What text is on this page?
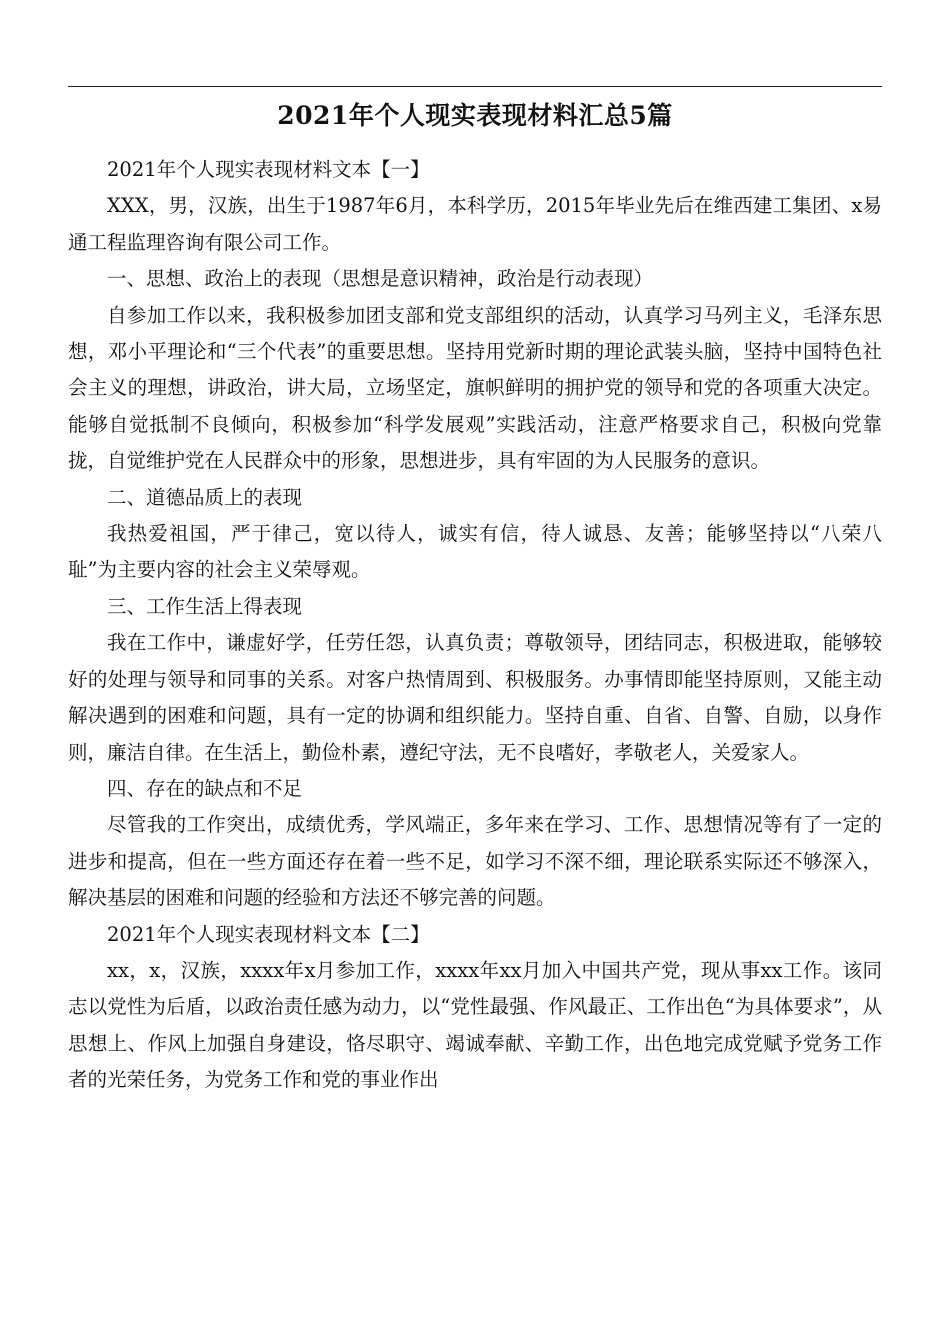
2021年个人现实表现材料汇总5篇

2021年个人现实表现材料文本【一】

XXX，男，汉族，出生于1987年6月，本科学历，2015年毕业先后在维西建工集团、x易通工程监理咨询有限公司工作。

一、思想、政治上的表现（思想是意识精神，政治是行动表现）

自参加工作以来，我积极参加团支部和党支部组织的活动，认真学习马列主义，毛泽东思想，邓小平理论和“三个代表”的重要思想。坚持用党新时期的理论武装头脑，坚持中国特色社会主义的理想，讲政治，讲大局，立场坚定，旗帜鲜明的拥护党的领导和党的各项重大决定。能够自觉抵制不良倾向，积极参加“科学发展观”实践活动，注意严格要求自己，积极向党靠拢，自觉维护党在人民群众中的形象，思想进步，具有牢固的为人民服务的意识。

二、道德品质上的表现

我热爱祖国，严于律己，宽以待人，诚实有信，待人诚恳、友善；能够坚持以“八荣八耻”为主要内容的社会主义荣辱观。

三、工作生活上得表现

我在工作中，谦虚好学，任劳任怨，认真负责；尊敬领导，团结同志，积极进取，能够较好的处理与领导和同事的关系。对客户热情周到、积极服务。办事情即能坚持原则，又能主动解决遇到的困难和问题，具有一定的协调和组织能力。坚持自重、自省、自警、自励，以身作则，廉洁自律。在生活上，勤俭朴素，遵纪守法，无不良嗜好，孝敬老人，关爱家人。

四、存在的缺点和不足

尽管我的工作突出，成绩优秀，学风端正，多年来在学习、工作、思想情况等有了一定的进步和提高，但在一些方面还存在着一些不足，如学习不深不细，理论联系实际还不够深入，解决基层的困难和问题的经验和方法还不够完善的问题。

2021年个人现实表现材料文本【二】

xx，x，汉族，xxxx年x月参加工作，xxxx年xx月加入中国共产党，现从事xx工作。该同志以党性为后盾，以政治责任感为动力，以“党性最强、作风最正、工作出色“为具体要求”，从思想上、作风上加强自身建设，恪尽职守、竭诚奉献、辛勤工作，出色地完成党赋予党务工作者的光荣任务，为党务工作和党的事业作出
